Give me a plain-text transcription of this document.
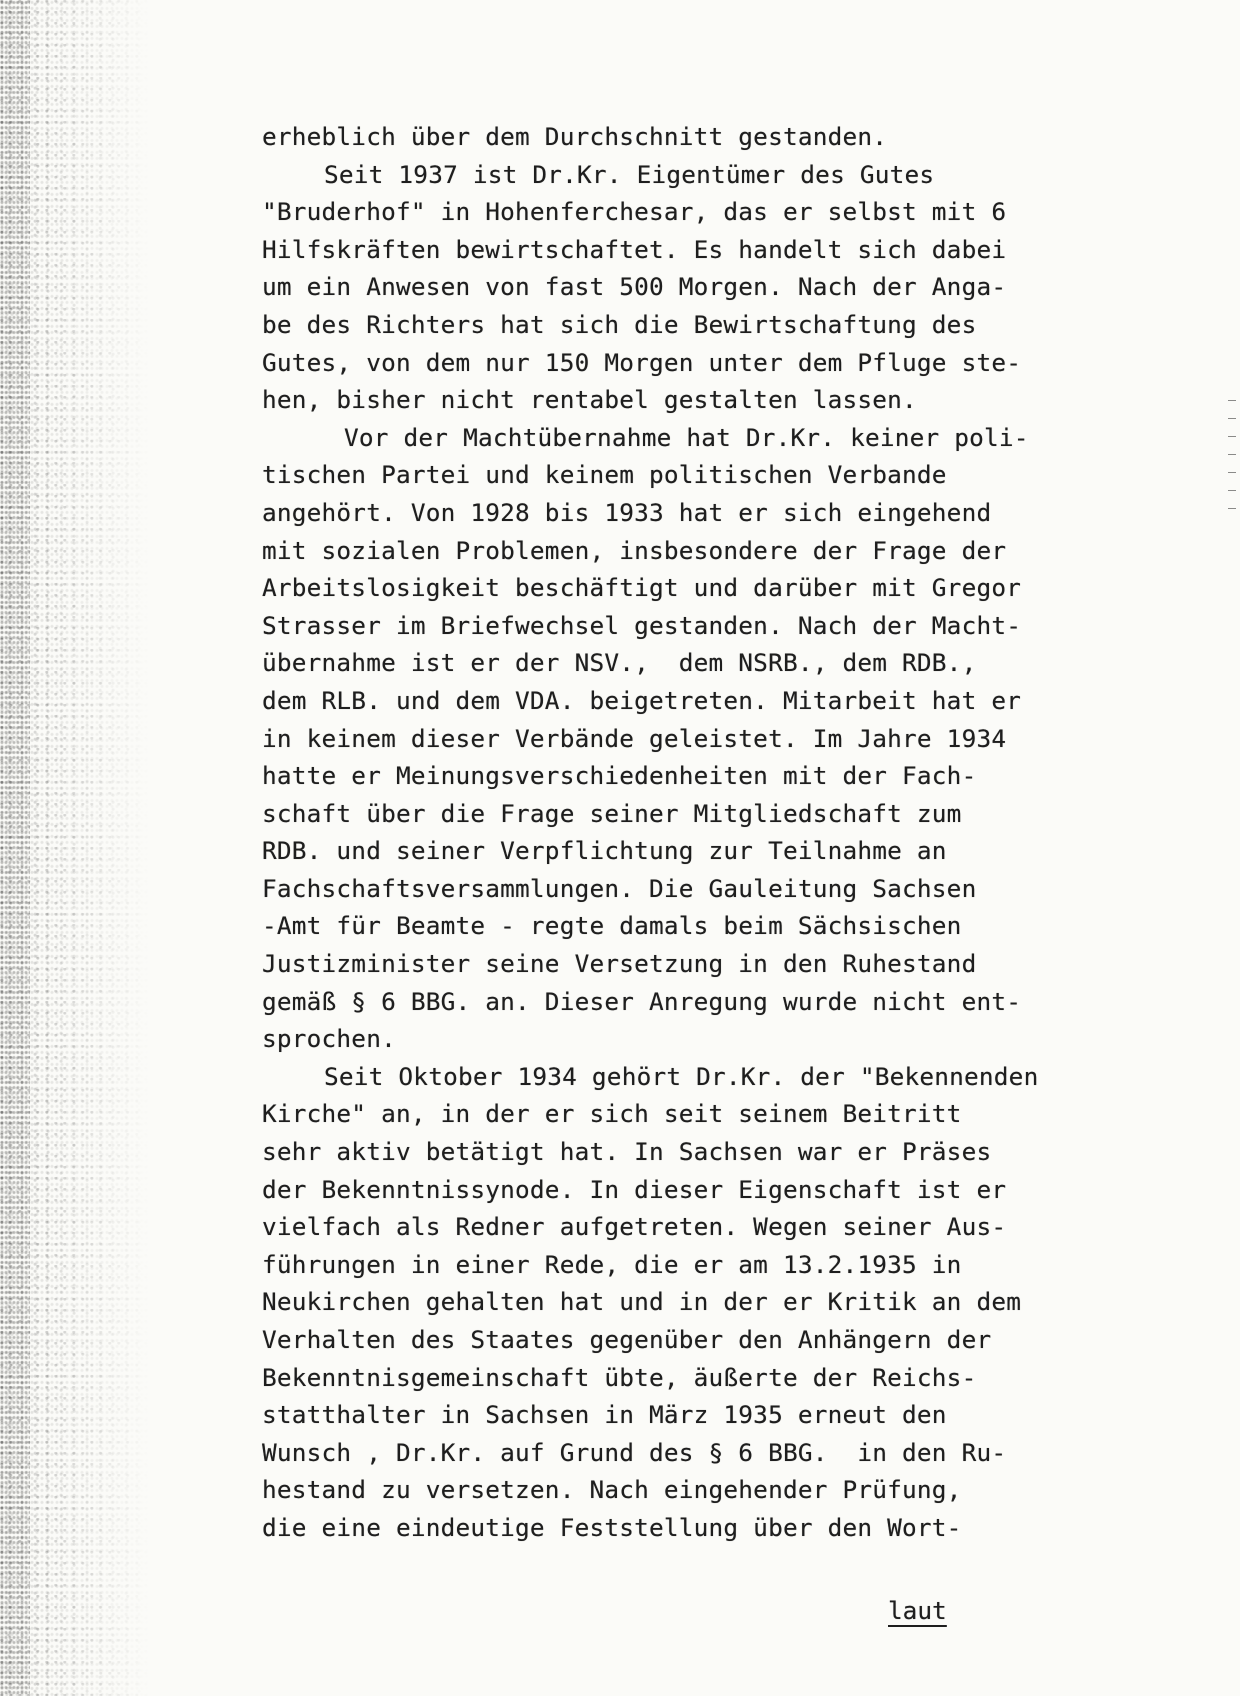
erheblich über dem Durchschnitt gestanden.
Seit 1937 ist Dr.Kr. Eigentümer des Gutes
"Bruderhof" in Hohenferchesar, das er selbst mit 6
Hilfskräften bewirtschaftet. Es handelt sich dabei
um ein Anwesen von fast 500 Morgen. Nach der Anga-
be des Richters hat sich die Bewirtschaftung des
Gutes, von dem nur 150 Morgen unter dem Pfluge ste-
hen, bisher nicht rentabel gestalten lassen.
Vor der Machtübernahme hat Dr.Kr. keiner poli-
tischen Partei und keinem politischen Verbande
angehört. Von 1928 bis 1933 hat er sich eingehend
mit sozialen Problemen, insbesondere der Frage der
Arbeitslosigkeit beschäftigt und darüber mit Gregor
Strasser im Briefwechsel gestanden. Nach der Macht-
übernahme ist er der NSV.,  dem NSRB., dem RDB.,
dem RLB. und dem VDA. beigetreten. Mitarbeit hat er
in keinem dieser Verbände geleistet. Im Jahre 1934
hatte er Meinungsverschiedenheiten mit der Fach-
schaft über die Frage seiner Mitgliedschaft zum
RDB. und seiner Verpflichtung zur Teilnahme an
Fachschaftsversammlungen. Die Gauleitung Sachsen
-Amt für Beamte - regte damals beim Sächsischen
Justizminister seine Versetzung in den Ruhestand
gemäß § 6 BBG. an. Dieser Anregung wurde nicht ent-
sprochen.
Seit Oktober 1934 gehört Dr.Kr. der "Bekennenden
Kirche" an, in der er sich seit seinem Beitritt
sehr aktiv betätigt hat. In Sachsen war er Präses
der Bekenntnissynode. In dieser Eigenschaft ist er
vielfach als Redner aufgetreten. Wegen seiner Aus-
führungen in einer Rede, die er am 13.2.1935 in
Neukirchen gehalten hat und in der er Kritik an dem
Verhalten des Staates gegenüber den Anhängern der
Bekenntnisgemeinschaft übte, äußerte der Reichs-
statthalter in Sachsen in März 1935 erneut den
Wunsch , Dr.Kr. auf Grund des § 6 BBG.  in den Ru-
hestand zu versetzen. Nach eingehender Prüfung,
die eine eindeutige Feststellung über den Wort-
laut
